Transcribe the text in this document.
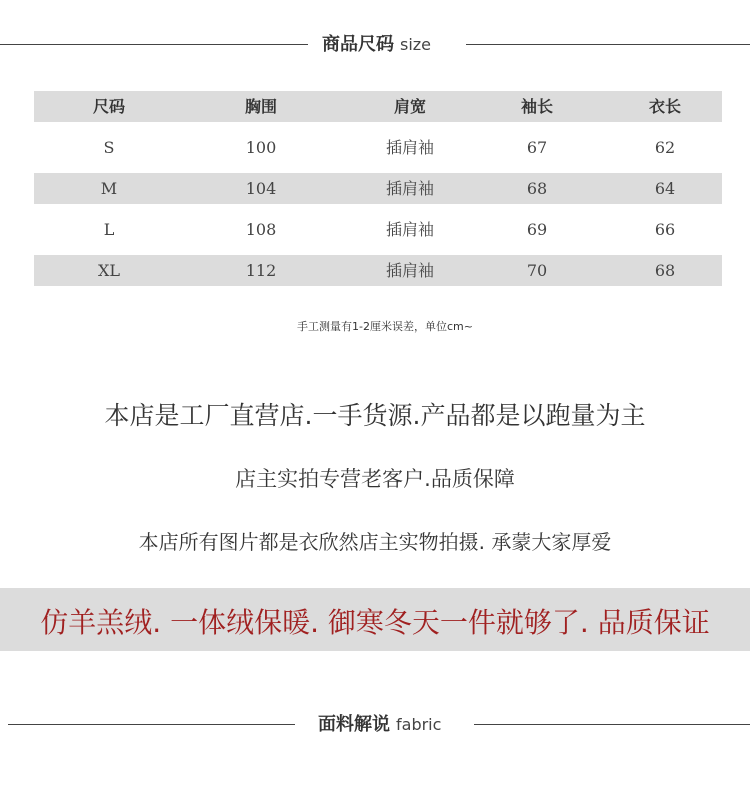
商品尺码 size
尺码	胸围	肩宽	袖长	衣长
S	100	插肩袖	67	62
M	104	插肩袖	68	64
L	108	插肩袖	69	66
XL	112	插肩袖	70	68
手工测量有1-2厘米误差，单位cm~
本店是工厂直营店.一手货源.产品都是以跑量为主
店主实拍专营老客户.品质保障
本店所有图片都是衣欣然店主实物拍摄. 承蒙大家厚爱
仿羊羔绒. 一体绒保暖. 御寒冬天一件就够了. 品质保证
面料解说 fabric
